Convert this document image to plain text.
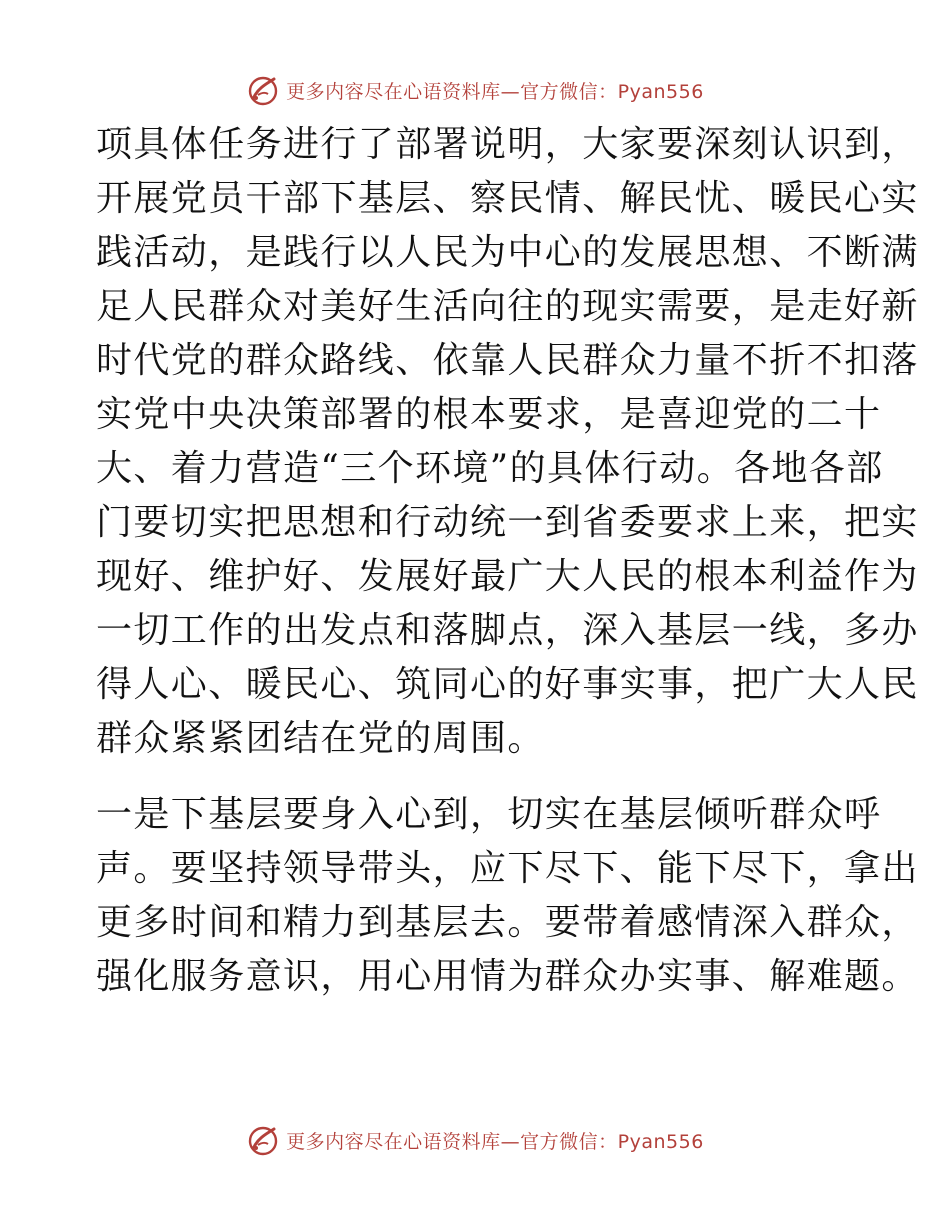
更多内容尽在心语资料库—官方微信：Pyan556
项具体任务进行了部署说明，大家要深刻认识到，
开展党员干部下基层、察民情、解民忧、暖民心实
践活动，是践行以人民为中心的发展思想、不断满
足人民群众对美好生活向往的现实需要，是走好新
时代党的群众路线、依靠人民群众力量不折不扣落
实党中央决策部署的根本要求，是喜迎党的二十
大、着力营造“三个环境”的具体行动。各地各部
门要切实把思想和行动统一到省委要求上来，把实
现好、维护好、发展好最广大人民的根本利益作为
一切工作的出发点和落脚点，深入基层一线，多办
得人心、暖民心、筑同心的好事实事，把广大人民
群众紧紧团结在党的周围。
一是下基层要身入心到，切实在基层倾听群众呼
声。要坚持领导带头，应下尽下、能下尽下，拿出
更多时间和精力到基层去。要带着感情深入群众，
强化服务意识，用心用情为群众办实事、解难题。
更多内容尽在心语资料库—官方微信：Pyan556
